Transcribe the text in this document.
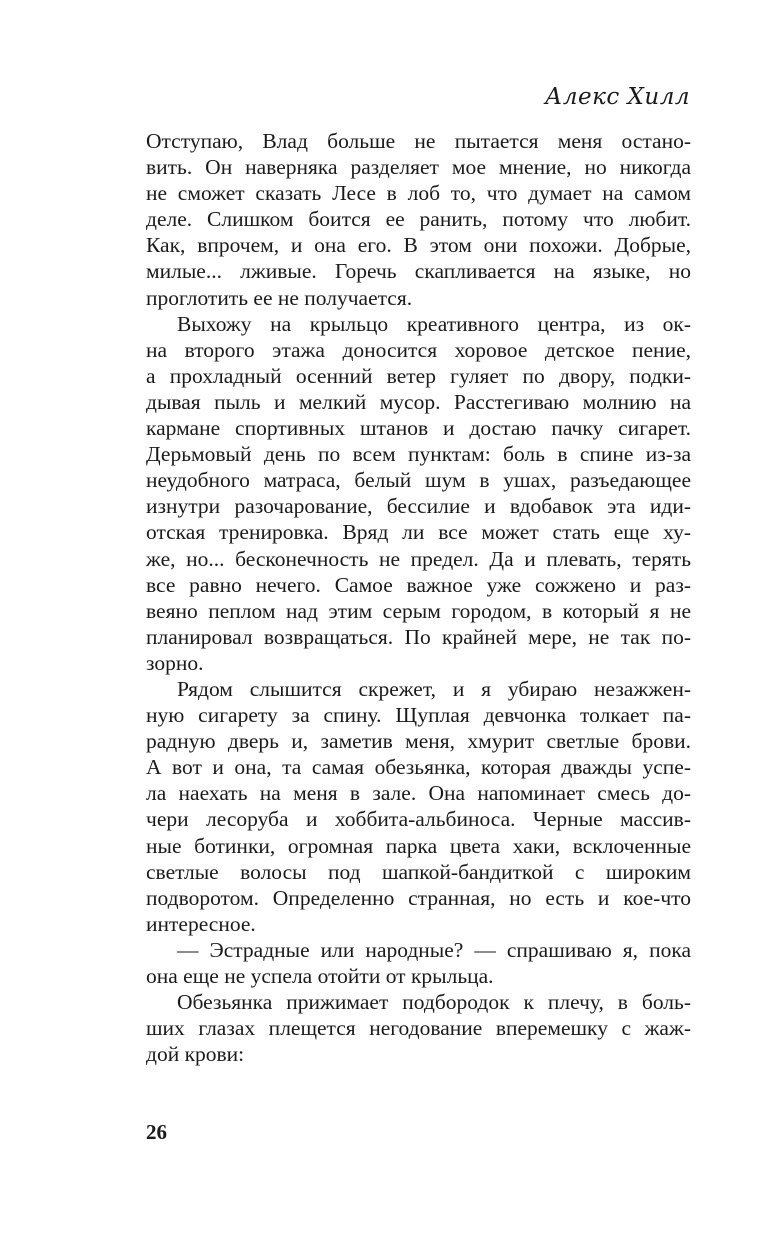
Алекс Хилл
Отступаю, Влад больше не пытается меня остано-
вить. Он наверняка разделяет мое мнение, но никогда
не сможет сказать Лесе в лоб то, что думает на самом
деле. Слишком боится ее ранить, потому что любит.
Как, впрочем, и она его. В этом они похожи. Добрые,
милые... лживые. Горечь скапливается на языке, но
проглотить ее не получается.
Выхожу на крыльцо креативного центра, из ок-
на второго этажа доносится хоровое детское пение,
а прохладный осенний ветер гуляет по двору, подки-
дывая пыль и мелкий мусор. Расстегиваю молнию на
кармане спортивных штанов и достаю пачку сигарет.
Дерьмовый день по всем пунктам: боль в спине из-за
неудобного матраса, белый шум в ушах, разъедающее
изнутри разочарование, бессилие и вдобавок эта иди-
отская тренировка. Вряд ли все может стать еще ху-
же, но... бесконечность не предел. Да и плевать, терять
все равно нечего. Самое важное уже сожжено и раз-
веяно пеплом над этим серым городом, в который я не
планировал возвращаться. По крайней мере, не так по-
зорно.
Рядом слышится скрежет, и я убираю незажжен-
ную сигарету за спину. Щуплая девчонка толкает па-
радную дверь и, заметив меня, хмурит светлые брови.
А вот и она, та самая обезьянка, которая дважды успе-
ла наехать на меня в зале. Она напоминает смесь до-
чери лесоруба и хоббита-альбиноса. Черные массив-
ные ботинки, огромная парка цвета хаки, всклоченные
светлые волосы под шапкой-бандиткой с широким
подворотом. Определенно странная, но есть и кое-что
интересное.
— Эстрадные или народные? — спрашиваю я, пока
она еще не успела отойти от крыльца.
Обезьянка прижимает подбородок к плечу, в боль-
ших глазах плещется негодование вперемешку с жаж-
дой крови:
26
